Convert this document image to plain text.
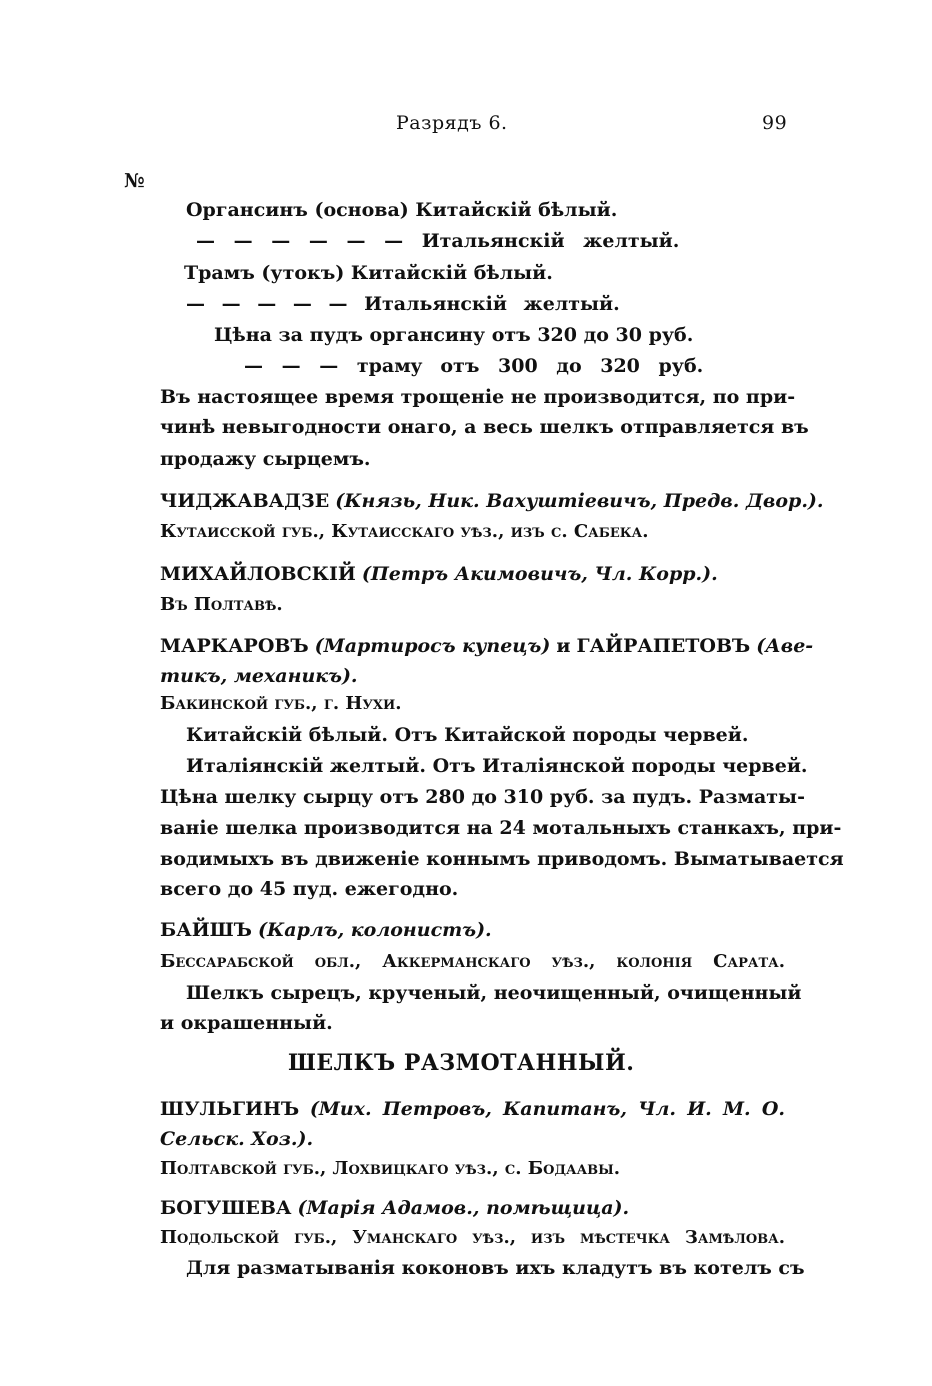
Разрядъ 6.	99
№
Органсинъ (основа) Китайскій бѣлый.
— — — — — — Итальянскій желтый.
Трамъ (утокъ) Китайскій бѣлый.
— — — — — Итальянскій желтый.
Цѣна за пудъ органсину отъ 320 до 30 руб.
— — — трамy отъ 300 до 320 руб.
Въ настоящее время трощеніе не производится, по при-
чинѣ невыгодности онаго, а весь шелкъ отправляется въ
продажу сырцемъ.
ЧИДЖАВАДЗЕ (Князь, Ник. Вахуштіевичъ, Предв. Двор.).
Кутаисской губ., Кутаисскаго уѣз., изъ с. Сабека.
МИХАЙЛОВСКІЙ (Петръ Акимовичъ, Чл. Корр.).
Въ Полтавѣ.
МАРКАРОВЪ (Мартиросъ купецъ) и ГАЙРАПЕТОВЪ (Аве-
тикъ, механикъ).
Бакинской губ., г. Нухи.
Китайскій бѣлый. Отъ Китайской породы червей.
Италіянскій желтый. Отъ Италіянской породы червей.
Цѣна шелку сырцу отъ 280 до 310 руб. за пудъ. Разматы-
ваніе шелка производится на 24 мотальныхъ станкахъ, при-
водимыхъ въ движеніе коннымъ приводомъ. Выматывается
всего до 45 пуд. ежегодно.
БАЙШЪ (Карлъ, колонистъ).
Бессарабской обл., Аккерманскаго уѣз., колонія Сарата.
Шелкъ сырецъ, крученый, неочищенный, очищенный
и окрашенный.
ШЕЛКЪ РАЗМОТАННЫЙ.
ШУЛЬГИНЪ (Мих. Петровъ, Капитанъ, Чл. И. М. О.
Сельск. Хоз.).
Полтавской губ., Лохвицкаго уѣз., с. Бодаавы.
БОГУШЕВА (Марія Адамов., помѣщица).
Подольской губ., Уманскаго уѣз., изъ мѣстечка Замѣлова.
Для разматыванія коконовъ ихъ кладутъ въ котелъ съ
